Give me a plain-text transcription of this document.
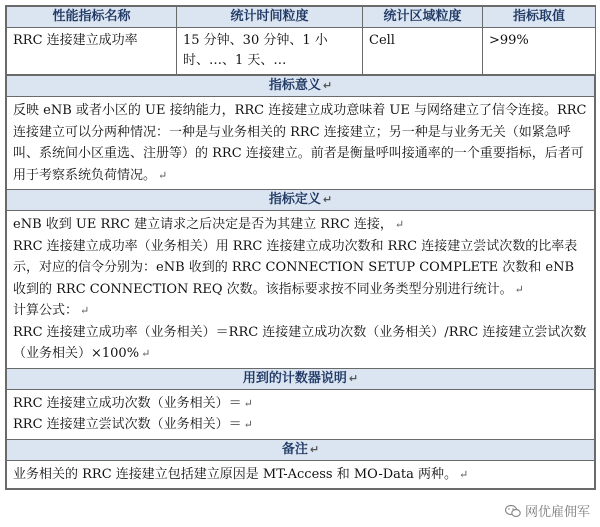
性能指标名称	统计时间粒度	统计区域粒度	指标取值
RRC 连接建立成功率	15 分钟、30 分钟、1 小时、…、1 天、…	Cell	>99%
指标意义 ↵
反映 eNB 或者小区的 UE 接纳能力，RRC 连接建立成功意味着 UE 与网络建立了信令连接。RRC 连接建立可以分两种情况：一种是与业务相关的 RRC 连接建立；另一种是与业务无关（如紧急呼叫、系统间小区重选、注册等）的 RRC 连接建立。前者是衡量呼叫接通率的一个重要指标，后者可用于考察系统负荷情况。 ↵
指标定义 ↵

eNB 收到 UE RRC 建立请求之后决定是否为其建立 RRC 连接， ↵
RRC 连接建立成功率（业务相关）用 RRC 连接建立成功次数和 RRC 连接建立尝试次数的比率表示，对应的信令分别为：eNB 收到的 RRC CONNECTION SETUP COMPLETE 次数和 eNB 收到的 RRC CONNECTION REQ 次数。该指标要求按不同业务类型分别进行统计。 ↵
计算公式： ↵
RRC 连接建立成功率（业务相关）＝RRC 连接建立成功次数（业务相关）/RRC 连接建立尝试次数（业务相关）×100% ↵

用到的计数器说明 ↵

RRC 连接建立成功次数（业务相关）＝ ↵
RRC 连接建立尝试次数（业务相关）＝ ↵

备注 ↵
业务相关的 RRC 连接建立包括建立原因是 MT-Access 和 MO-Data 两种。 ↵
网优雇佣军
